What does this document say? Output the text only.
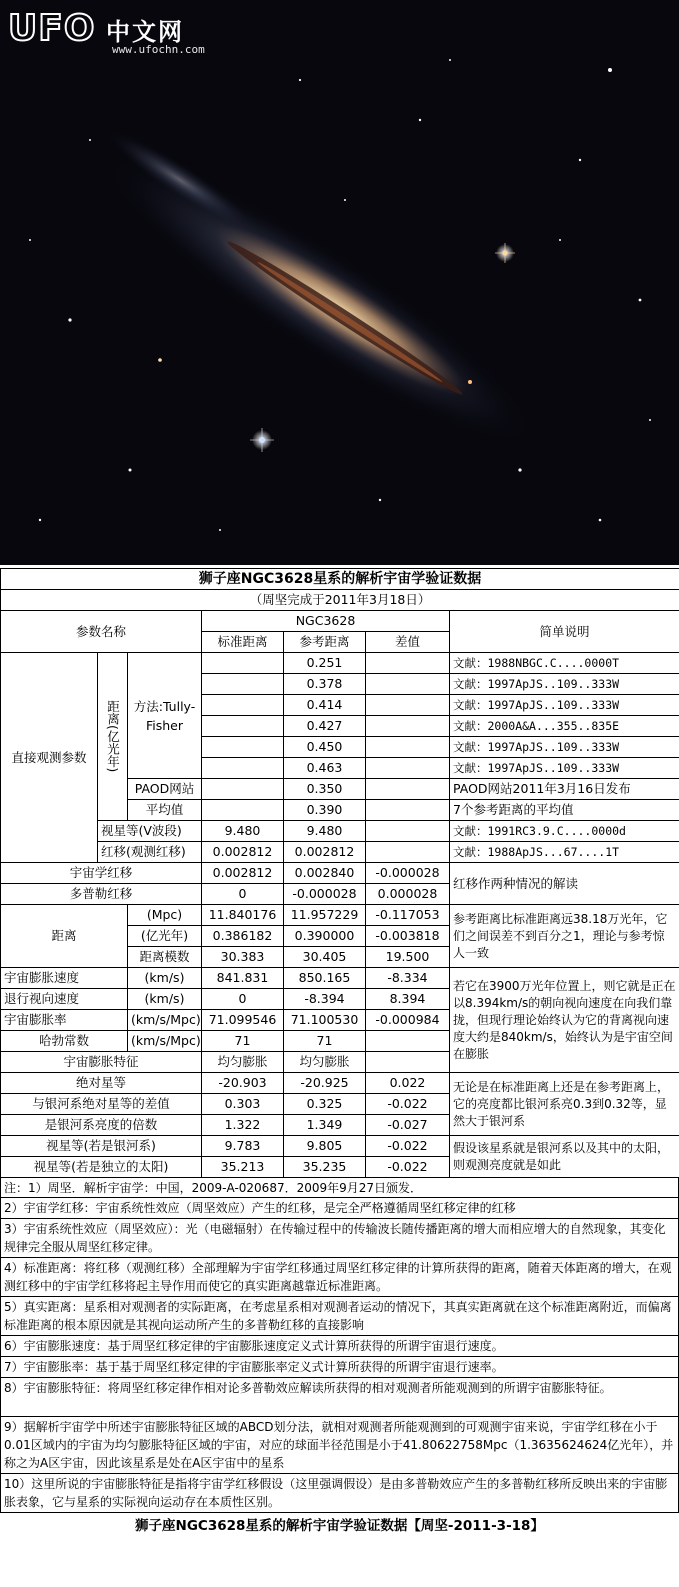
UFO 中文网
www.ufochn.com
狮子座NGC3628星系的解析宇宙学验证数据						
（周坚完成于2011年3月18日）						
参数名称			NGC3628			简单说明
			标准距离	参考距离	差值	
直接观测参数	距离(亿光年)	方法:Tully-Fisher		0.251		文献：1988NBGC.C....0000T
				0.378		文献：1997ApJS..109..333W
				0.414		文献：1997ApJS..109..333W
				0.427		文献：2000A&A...355..835E
				0.450		文献：1997ApJS..109..333W
				0.463		文献：1997ApJS..109..333W
		PAOD网站		0.350		PAOD网站2011年3月16日发布
		平均值		0.390		7个参考距离的平均值
	视星等(V波段)		9.480	9.480		文献：1991RC3.9.C....0000d
	红移(观测红移)		0.002812	0.002812		文献：1988ApJS...67....1T
宇宙学红移			0.002812	0.002840	-0.000028	红移作两种情况的解读
多普勒红移			0	-0.000028	0.000028	
距离		(Mpc)	11.840176	11.957229	-0.117053	参考距离比标准距离远38.18万光年，它们之间误差不到百分之1，理论与参考惊人一致
		(亿光年)	0.386182	0.390000	-0.003818	
		距离模数	30.383	30.405	19.500	
宇宙膨胀速度		(km/s)	841.831	850.165	-8.334	若它在3900万光年位置上，则它就是正在以8.394km/s的朝向视向速度在向我们靠拢，但现行理论始终认为它的背离视向速度大约是840km/s，始终认为是宇宙空间在膨胀
退行视向速度		(km/s)	0	-8.394	8.394	
宇宙膨胀率		(km/s/Mpc)	71.099546	71.100530	-0.000984	
哈勃常数		(km/s/Mpc)	71	71		
宇宙膨胀特征			均匀膨胀	均匀膨胀		
绝对星等			-20.903	-20.925	0.022	无论是在标准距离上还是在参考距离上，它的亮度都比银河系亮0.3到0.32等，显然大于银河系
与银河系绝对星等的差值			0.303	0.325	-0.022	
是银河系亮度的倍数			1.322	1.349	-0.027	
视星等(若是银河系)			9.783	9.805	-0.022	假设该星系就是银河系以及其中的太阳，则观测亮度就是如此
视星等(若是独立的太阳)			35.213	35.235	-0.022	
注：1）周坚．解析宇宙学：中国，2009-A-020687．2009年9月27日颁发．
2）宇宙学红移：宇宙系统性效应（周坚效应）产生的红移，是完全严格遵循周坚红移定律的红移
3）宇宙系统性效应（周坚效应）：光（电磁辐射）在传输过程中的传输波长随传播距离的增大而相应增大的自然现象，其变化规律完全服从周坚红移定律。
4）标准距离：将红移（观测红移）全部理解为宇宙学红移通过周坚红移定律的计算所获得的距离，随着天体距离的增大，在观测红移中的宇宙学红移将起主导作用而使它的真实距离越靠近标准距离。
5）真实距离：星系相对观测者的实际距离，在考虑星系相对观测者运动的情况下，其真实距离就在这个标准距离附近，而偏离标准距离的根本原因就是其视向运动所产生的多普勒红移的直接影响
6）宇宙膨胀速度：基于周坚红移定律的宇宙膨胀速度定义式计算所获得的所谓宇宙退行速度。
7）宇宙膨胀率：基于基于周坚红移定律的宇宙膨胀率定义式计算所获得的所谓宇宙退行速率。
8）宇宙膨胀特征：将周坚红移定律作相对论多普勒效应解读所获得的相对观测者所能观测到的所谓宇宙膨胀特征。
9）据解析宇宙学中所述宇宙膨胀特征区域的ABCD划分法，就相对观测者所能观测到的可观测宇宙来说，宇宙学红移在小于0.01区域内的宇宙为均匀膨胀特征区域的宇宙，对应的球面半径范围是小于41.80622758Mpc（1.3635624624亿光年），并称之为A区宇宙，因此该星系是处在A区宇宙中的星系
10）这里所说的宇宙膨胀特征是指将宇宙学红移假设（这里强调假设）是由多普勒效应产生的多普勒红移所反映出来的宇宙膨胀表象，它与星系的实际视向运动存在本质性区别。
狮子座NGC3628星系的解析宇宙学验证数据【周坚-2011-3-18】
